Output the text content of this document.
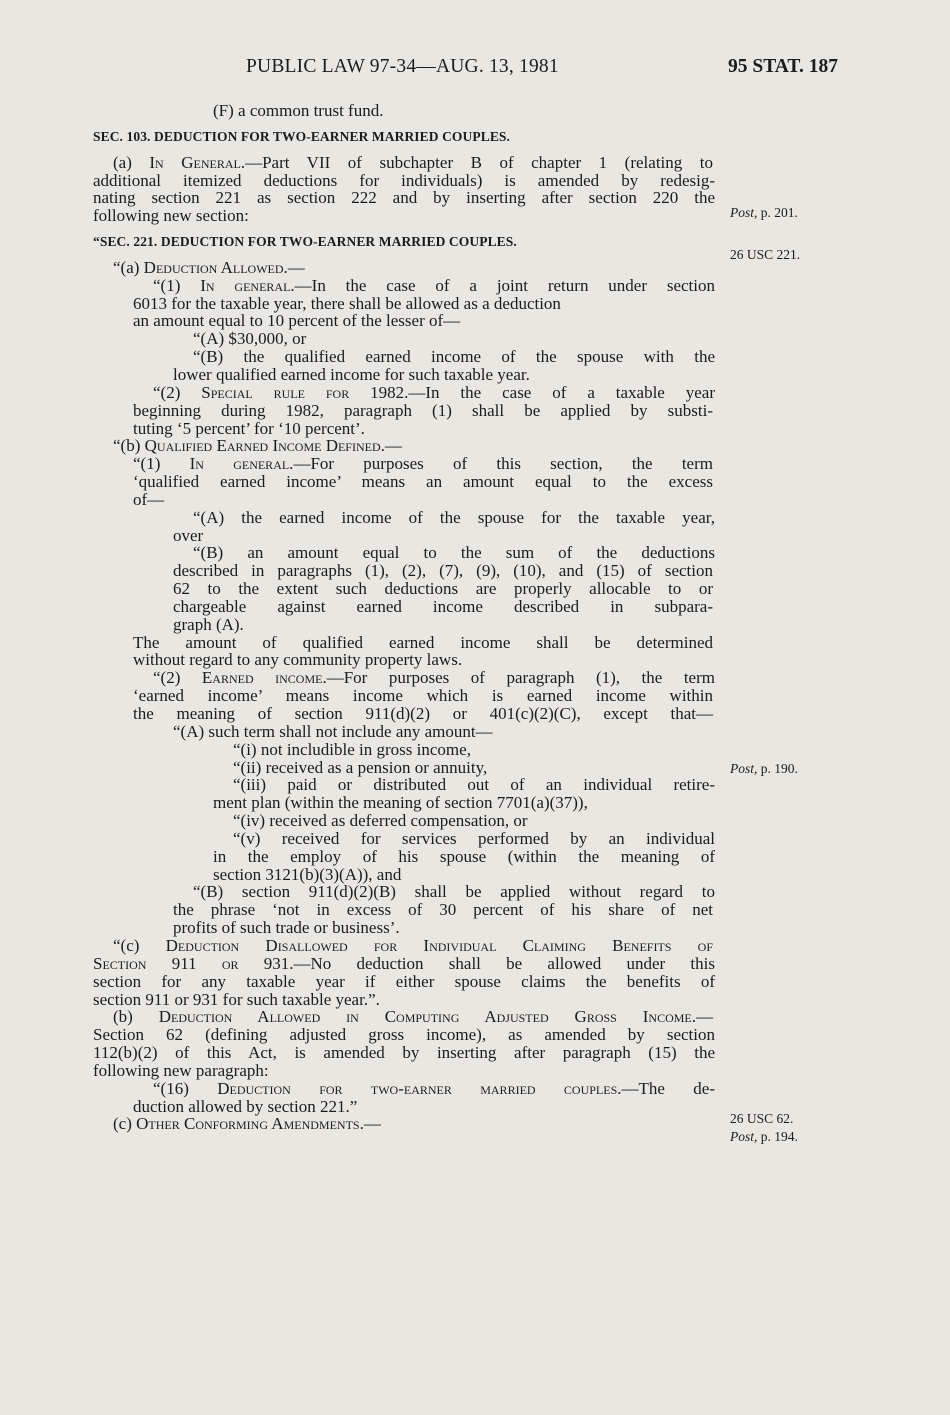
PUBLIC LAW 97-34—AUG. 13, 1981	95 STAT. 187
(F) a common trust fund.
SEC. 103. DEDUCTION FOR TWO-EARNER MARRIED COUPLES.
(a) In General.—Part VII of subchapter B of chapter 1 (relating to
additional itemized deductions for individuals) is amended by redesig-
nating section 221 as section 222 and by inserting after section 220 the
following new section:
“SEC. 221. DEDUCTION FOR TWO-EARNER MARRIED COUPLES.
“(a) Deduction Allowed.—
“(1) In general.—In the case of a joint return under section
6013 for the taxable year, there shall be allowed as a deduction
an amount equal to 10 percent of the lesser of—
“(A) $30,000, or
“(B) the qualified earned income of the spouse with the
lower qualified earned income for such taxable year.
“(2) Special rule for 1982.—In the case of a taxable year
beginning during 1982, paragraph (1) shall be applied by substi-
tuting ‘5 percent’ for ‘10 percent’.
“(b) Qualified Earned Income Defined.—
“(1) In general.—For purposes of this section, the term
‘qualified earned income’ means an amount equal to the excess
of—
“(A) the earned income of the spouse for the taxable year,
over
“(B) an amount equal to the sum of the deductions
described in paragraphs (1), (2), (7), (9), (10), and (15) of section
62 to the extent such deductions are properly allocable to or
chargeable against earned income described in subpara-
graph (A).
The amount of qualified earned income shall be determined
without regard to any community property laws.
“(2) Earned income.—For purposes of paragraph (1), the term
‘earned income’ means income which is earned income within
the meaning of section 911(d)(2) or 401(c)(2)(C), except that—
“(A) such term shall not include any amount—
“(i) not includible in gross income,
“(ii) received as a pension or annuity,
“(iii) paid or distributed out of an individual retire-
ment plan (within the meaning of section 7701(a)(37)),
“(iv) received as deferred compensation, or
“(v) received for services performed by an individual
in the employ of his spouse (within the meaning of
section 3121(b)(3)(A)), and
“(B) section 911(d)(2)(B) shall be applied without regard to
the phrase ‘not in excess of 30 percent of his share of net
profits of such trade or business’.
“(c) Deduction Disallowed for Individual Claiming Benefits of
Section 911 or 931.—No deduction shall be allowed under this
section for any taxable year if either spouse claims the benefits of
section 911 or 931 for such taxable year.”.
(b) Deduction Allowed in Computing Adjusted Gross Income.—
Section 62 (defining adjusted gross income), as amended by section
112(b)(2) of this Act, is amended by inserting after paragraph (15) the
following new paragraph:
“(16) Deduction for two-earner married couples.—The de-
duction allowed by section 221.”
(c) Other Conforming Amendments.—
Post, p. 201.
26 USC 221.
Post, p. 190.
26 USC 62.
Post, p. 194.
